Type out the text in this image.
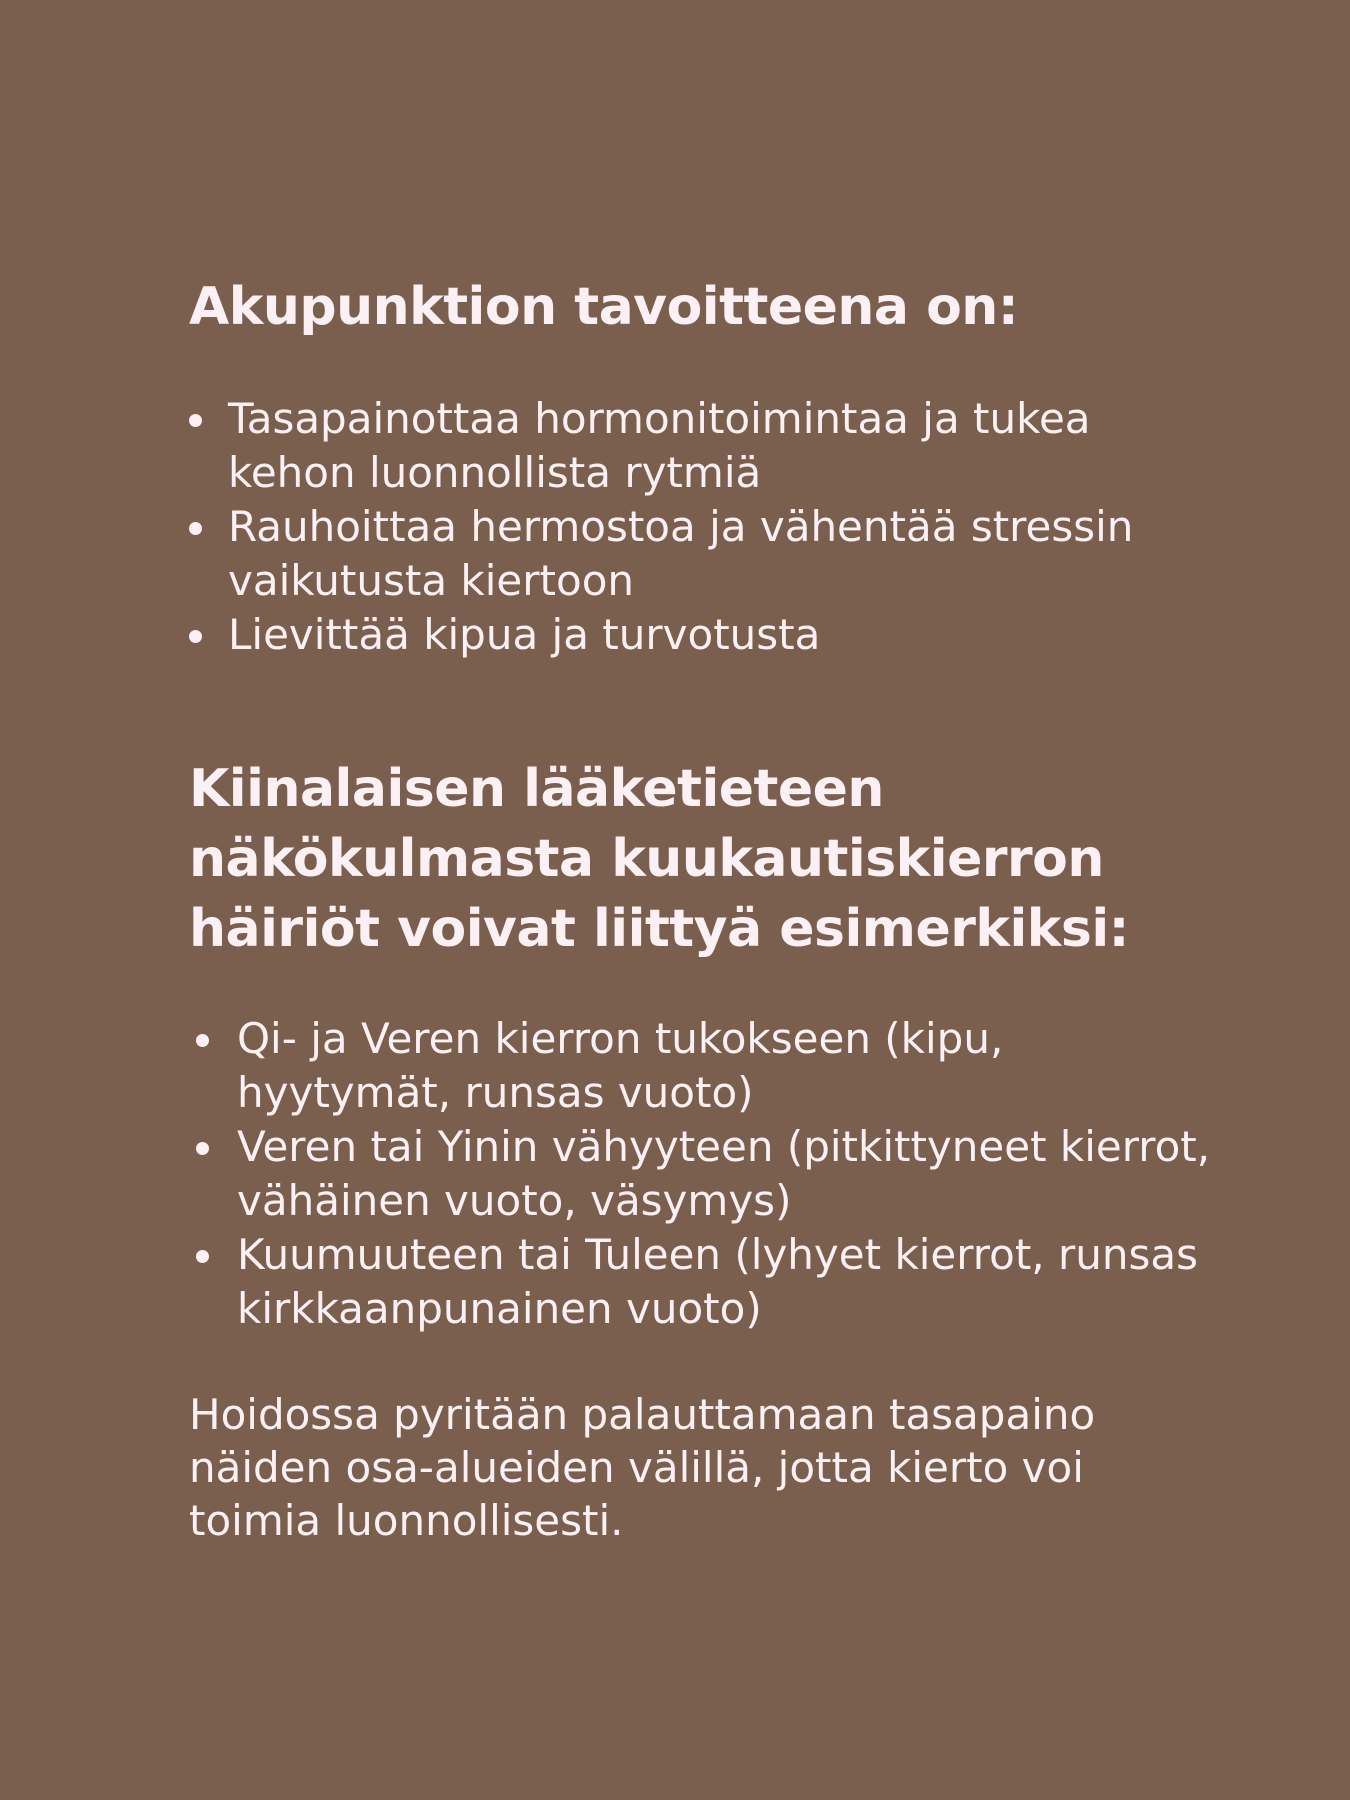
Akupunktion tavoitteena on:
Tasapainottaa hormonitoimintaa ja tukea kehon luonnollista rytmiä
Rauhoittaa hermostoa ja vähentää stressin vaikutusta kiertoon
Lievittää kipua ja turvotusta
Kiinalaisen lääketieteen näkökulmasta kuukautiskierron häiriöt voivat liittyä esimerkiksi:
Qi- ja Veren kierron tukokseen (kipu, hyytymät, runsas vuoto)
Veren tai Yinin vähyyteen (pitkittyneet kierrot, vähäinen vuoto, väsymys)
Kuumuuteen tai Tuleen (lyhyet kierrot, runsas kirkkaanpunainen vuoto)

Hoidossa pyritään palauttamaan tasapaino näiden osa-alueiden välillä, jotta kierto voi toimia luonnollisesti.
